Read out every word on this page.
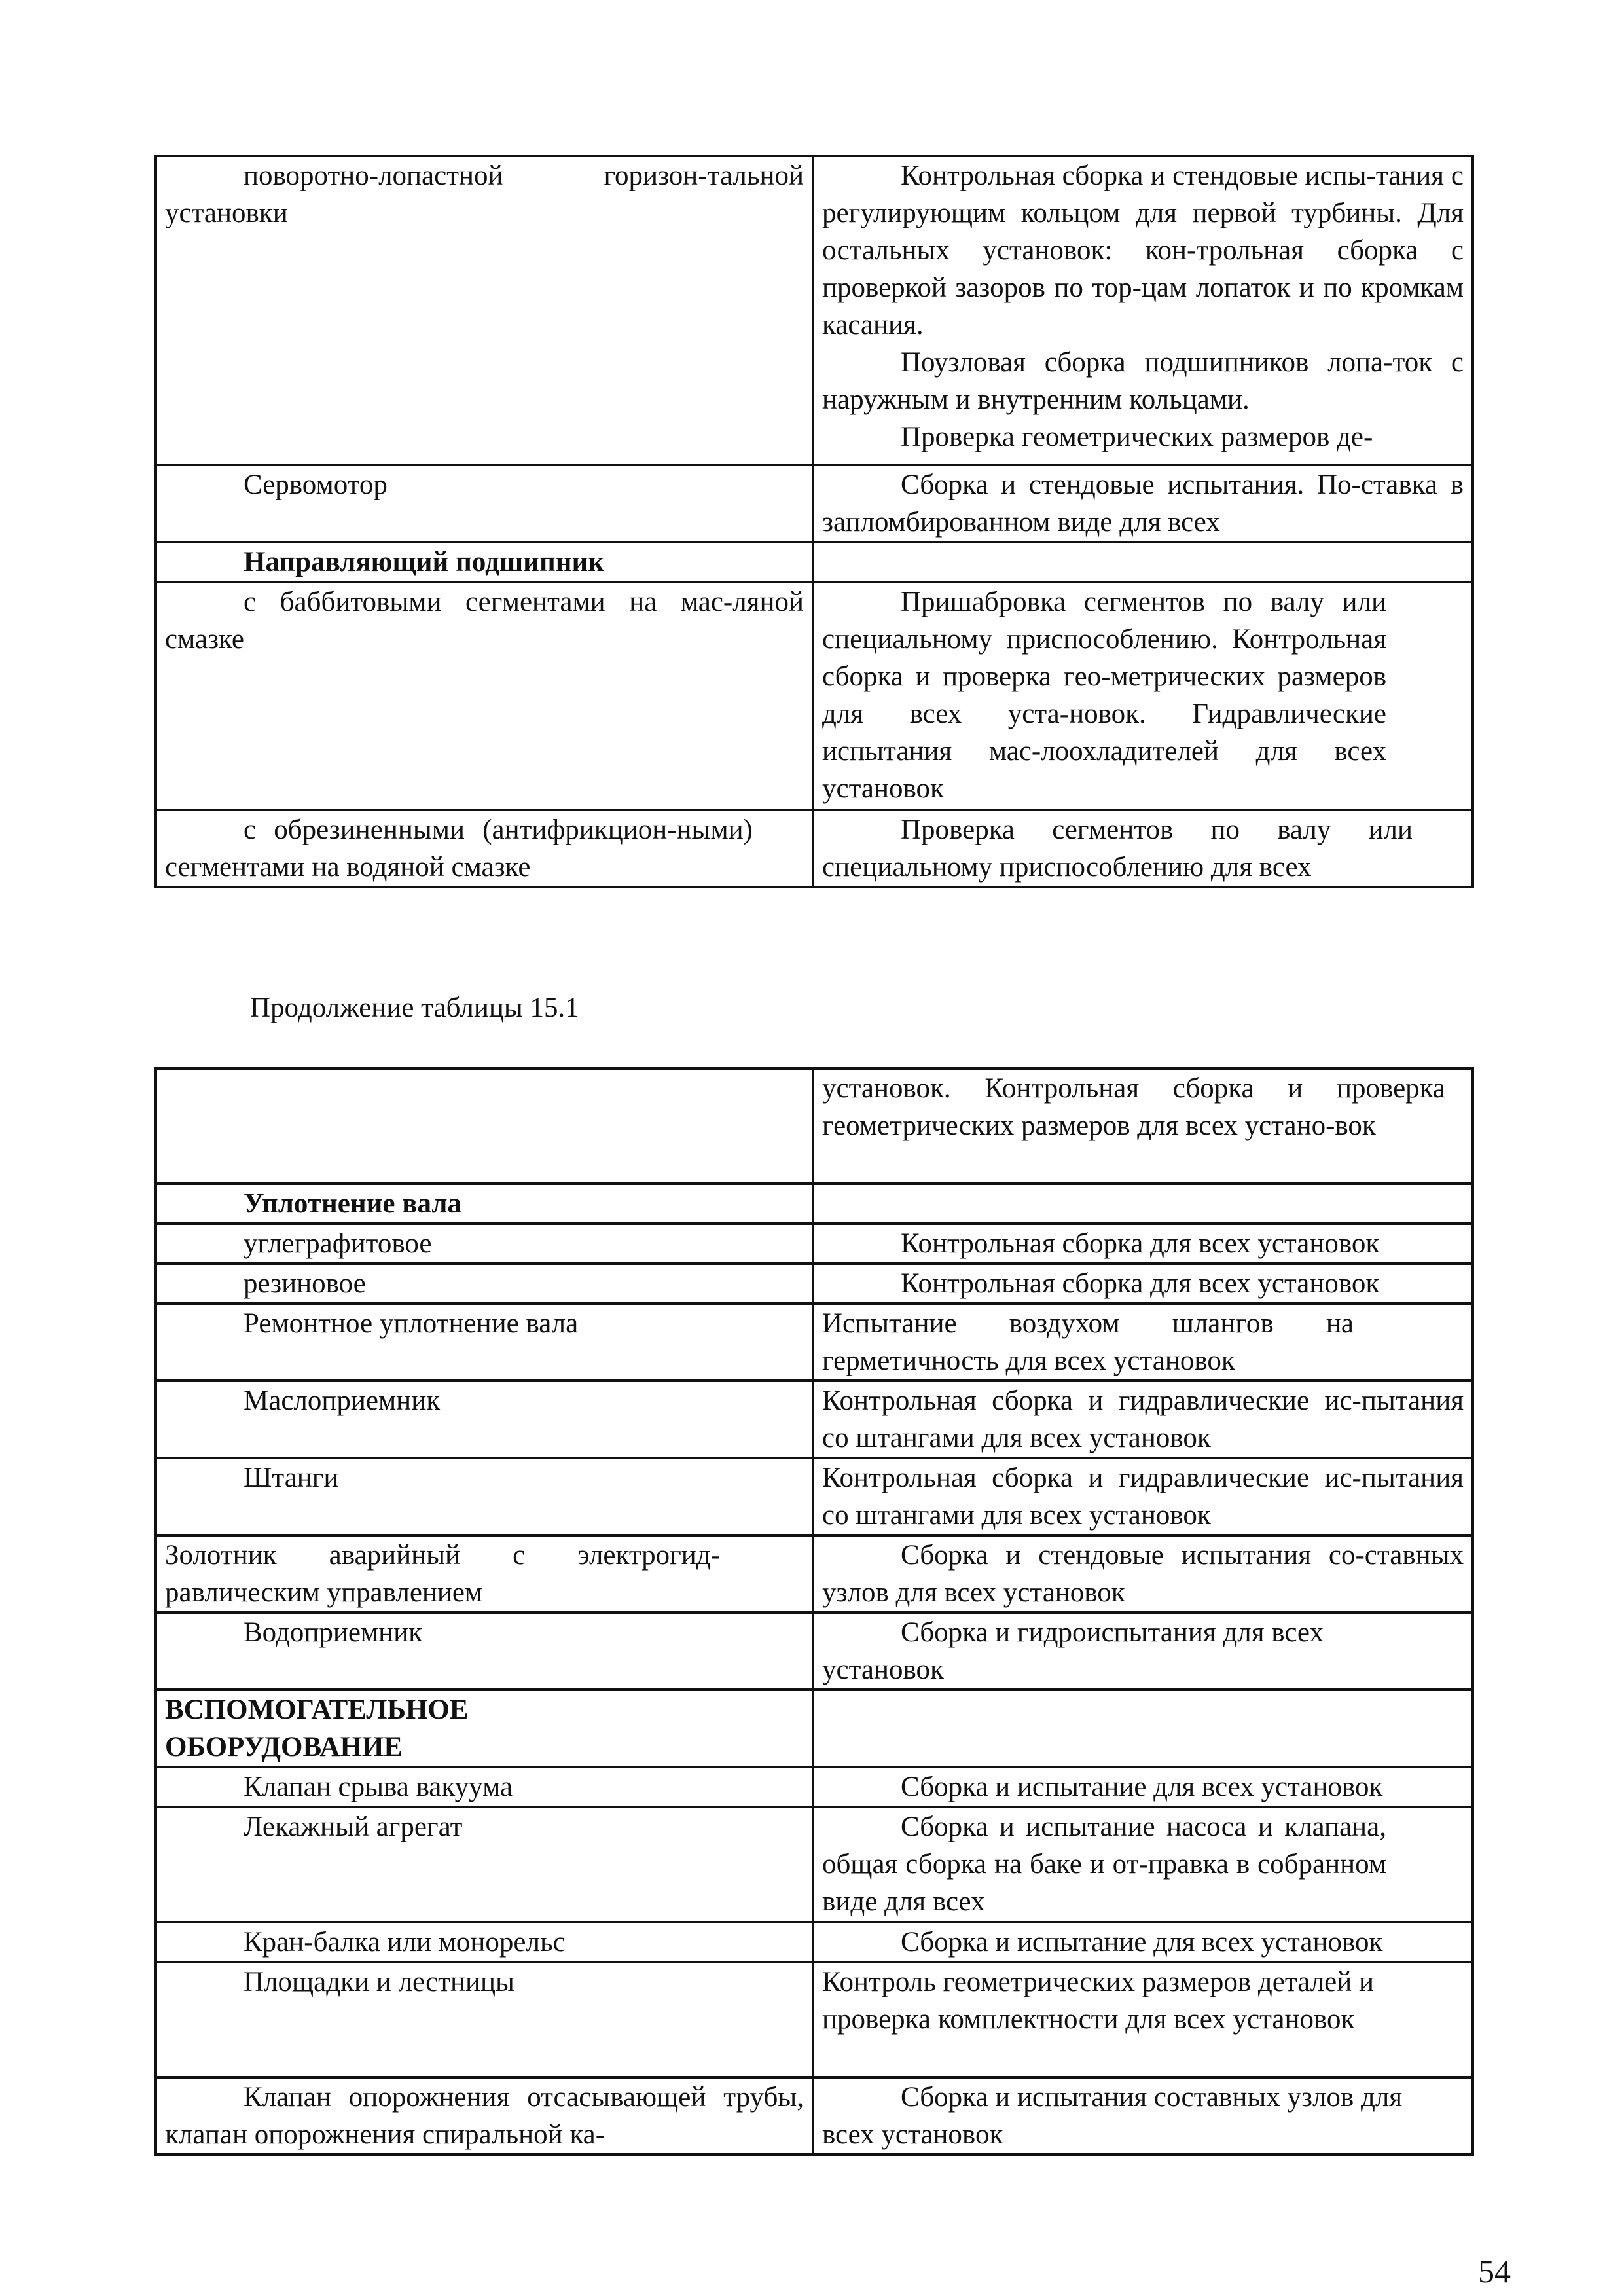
поворотно-лопастной горизон-тальной установки	Контрольная сборка и стендовые испы-тания с регулирующим кольцом для первой турбины. Для остальных установок: кон-трольная сборка с проверкой зазоров по тор-цам лопаток и по кромкам касания.

Поузловая сборка подшипников лопа-ток с наружным и внутренним кольцами.

Проверка геометрических размеров де-

Сервомотор	Сборка и стендовые испытания. По-ставка в запломбированном виде для всех
Направляющий подшипник	
с баббитовыми сегментами на мас-ляной смазке	Пришабровка сегментов по валу или специальному приспособлению. Контрольная сборка и проверка гео-метрических размеров для всех уста-новок. Гидравлические испытания мас-лоохладителей для всех установок
с обрезиненными (антифрикцион-ными) сегментами на водяной смазке	Проверка сегментов по валу или специальному приспособлению для всех
Продолжение таблицы 15.1
	установок. Контрольная сборка и проверка геометрических размеров для всех устано-вок
Уплотнение вала	
углеграфитовое	Контрольная сборка для всех установок
резиновое	Контрольная сборка для всех установок
Ремонтное уплотнение вала	Испытание воздухом шлангов на герметичность для всех установок
Маслоприемник	Контрольная сборка и гидравлические ис-пытания со штангами для всех установок
Штанги	Контрольная сборка и гидравлические ис-пытания со штангами для всех установок
Золотник аварийный с электрогид-равлическим управлением	Сборка и стендовые испытания со-ставных узлов для всех установок
Водоприемник	Сборка и гидроиспытания для всех установок
ВСПОМОГАТЕЛЬНОЕ ОБОРУДОВАНИЕ	
Клапан срыва вакуума	Сборка и испытание для всех установок
Лекажный агрегат	Сборка и испытание насоса и клапана, общая сборка на баке и от-правка в собранном виде для всех
Кран-балка или монорельс	Сборка и испытание для всех установок
Площадки и лестницы	Контроль геометрических размеров деталей и проверка комплектности для всех установок
Клапан опорожнения отсасывающей трубы, клапан опорожнения спиральной ка-	Сборка и испытания составных узлов для всех установок
54
